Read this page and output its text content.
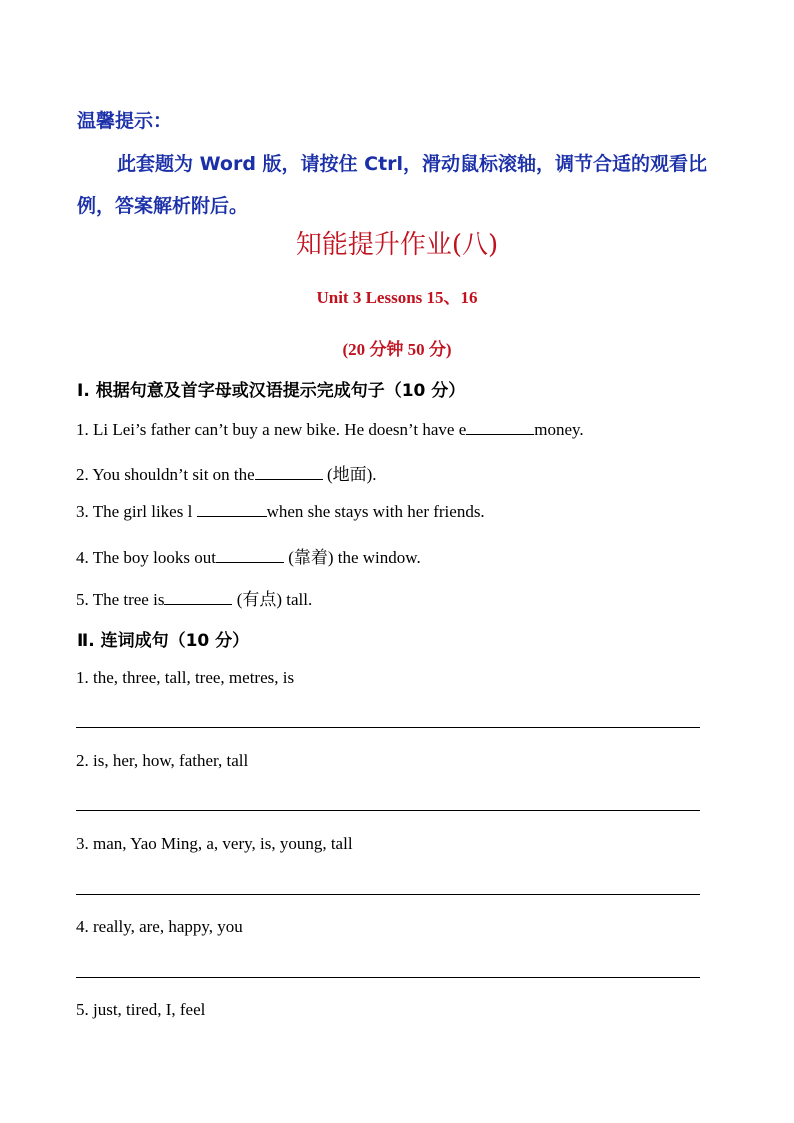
温馨提示：

此套题为 Word 版，请按住 Ctrl，滑动鼠标滚轴，调节合适的观看比例，答案解析附后。

知能提升作业(八)
Unit 3 Lessons 15、16
(20 分钟 50 分)
Ⅰ. 根据句意及首字母或汉语提示完成句子（10 分）
1. Li Lei’s father can’t buy a new bike. He doesn’t have e	money.
2. You shouldn’t sit on the	(地面).
3. The girl likes l	when she stays with her friends.
4. The boy looks out	(靠着) the window.
5. The tree is	(有点) tall.
Ⅱ. 连词成句（10 分）
1. the, three, tall, tree, metres, is
2. is, her, how, father, tall
3. man, Yao Ming, a, very, is, young, tall
4. really, are, happy, you
5. just, tired, I, feel
